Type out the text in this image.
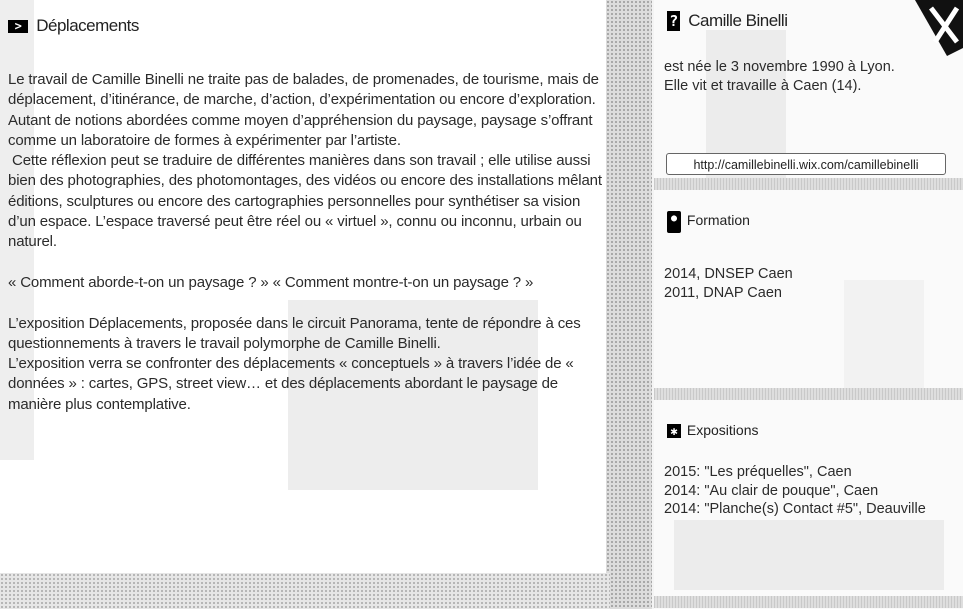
> Déplacements

Le travail de Camille Binelli ne traite pas de balades, de promenades, de tourisme, mais de déplacement, d’itinérance, de marche, d’action, d’expérimentation ou encore d’exploration.

Autant de notions abordées comme moyen d’appréhension du paysage, paysage s’offrant comme un laboratoire de formes à expérimenter par l’artiste.

Cette réflexion peut se traduire de différentes manières dans son travail ; elle utilise aussi bien des photographies, des photomontages, des vidéos ou encore des installations mêlant éditions, sculptures ou encore des cartographies personnelles pour synthétiser sa vision d’un espace. L’espace traversé peut être réel ou « virtuel », connu ou inconnu, urbain ou naturel.

« Comment aborde-t-on un paysage ? » « Comment montre-t-on un paysage ? »

L’exposition Déplacements, proposée dans le circuit Panorama, tente de répondre à ces questionnements à travers le travail polymorphe de Camille Binelli.

L’exposition verra se confronter des déplacements « conceptuels » à travers l’idée de « données » : cartes, GPS, street view… et des déplacements abordant le paysage de manière plus contemplative.

? Camille Binelli
est née le 3 novembre 1990 à Lyon.
Elle vit et travaille à Caen (14).
http://camillebinelli.wix.com/camillebinelli
● Formation
2014, DNSEP Caen
2011, DNAP Caen
✱ Expositions
2015: "Les préquelles", Caen
2014: "Au clair de pouque", Caen
2014: "Planche(s) Contact #5", Deauville
